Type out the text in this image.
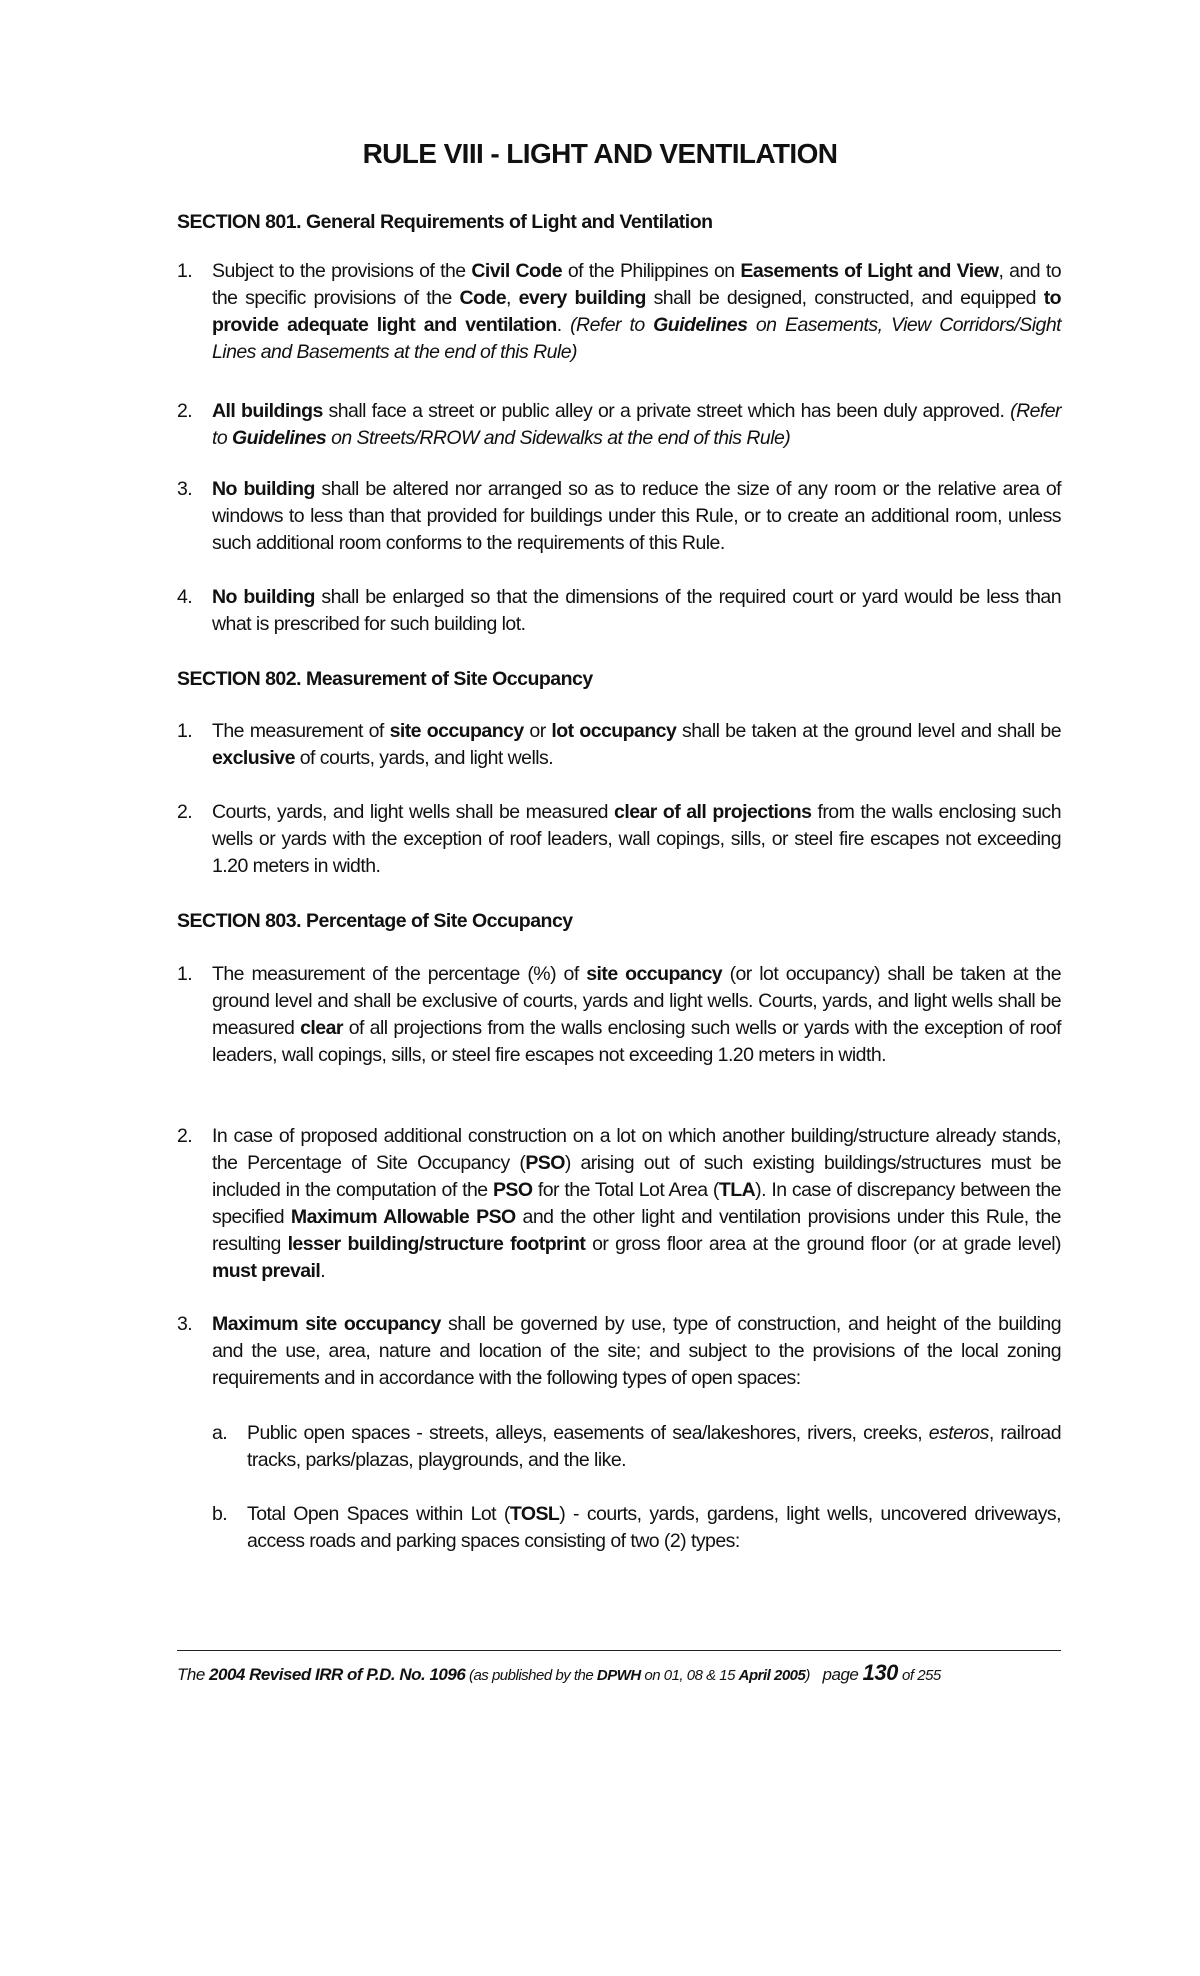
RULE VIII - LIGHT AND VENTILATION
SECTION 801. General Requirements of Light and Ventilation
1. Subject to the provisions of the Civil Code of the Philippines on Easements of Light and View, and to the specific provisions of the Code, every building shall be designed, constructed, and equipped to provide adequate light and ventilation. (Refer to Guidelines on Easements, View Corridors/Sight Lines and Basements at the end of this Rule)
2. All buildings shall face a street or public alley or a private street which has been duly approved. (Refer to Guidelines on Streets/RROW and Sidewalks at the end of this Rule)
3. No building shall be altered nor arranged so as to reduce the size of any room or the relative area of windows to less than that provided for buildings under this Rule, or to create an additional room, unless such additional room conforms to the requirements of this Rule.
4. No building shall be enlarged so that the dimensions of the required court or yard would be less than what is prescribed for such building lot.
SECTION 802. Measurement of Site Occupancy
1. The measurement of site occupancy or lot occupancy shall be taken at the ground level and shall be exclusive of courts, yards, and light wells.
2. Courts, yards, and light wells shall be measured clear of all projections from the walls enclosing such wells or yards with the exception of roof leaders, wall copings, sills, or steel fire escapes not exceeding 1.20 meters in width.
SECTION 803. Percentage of Site Occupancy
1. The measurement of the percentage (%) of site occupancy (or lot occupancy) shall be taken at the ground level and shall be exclusive of courts, yards and light wells. Courts, yards, and light wells shall be measured clear of all projections from the walls enclosing such wells or yards with the exception of roof leaders, wall copings, sills, or steel fire escapes not exceeding 1.20 meters in width.
2. In case of proposed additional construction on a lot on which another building/structure already stands, the Percentage of Site Occupancy (PSO) arising out of such existing buildings/structures must be included in the computation of the PSO for the Total Lot Area (TLA). In case of discrepancy between the specified Maximum Allowable PSO and the other light and ventilation provisions under this Rule, the resulting lesser building/structure footprint or gross floor area at the ground floor (or at grade level) must prevail.
3. Maximum site occupancy shall be governed by use, type of construction, and height of the building and the use, area, nature and location of the site; and subject to the provisions of the local zoning requirements and in accordance with the following types of open spaces:
a. Public open spaces - streets, alleys, easements of sea/lakeshores, rivers, creeks, esteros, railroad tracks, parks/plazas, playgrounds, and the like.
b. Total Open Spaces within Lot (TOSL) - courts, yards, gardens, light wells, uncovered driveways, access roads and parking spaces consisting of two (2) types:
The 2004 Revised IRR of P.D. No. 1096 (as published by the DPWH on 01, 08 & 15 April 2005) page 130 of 255
